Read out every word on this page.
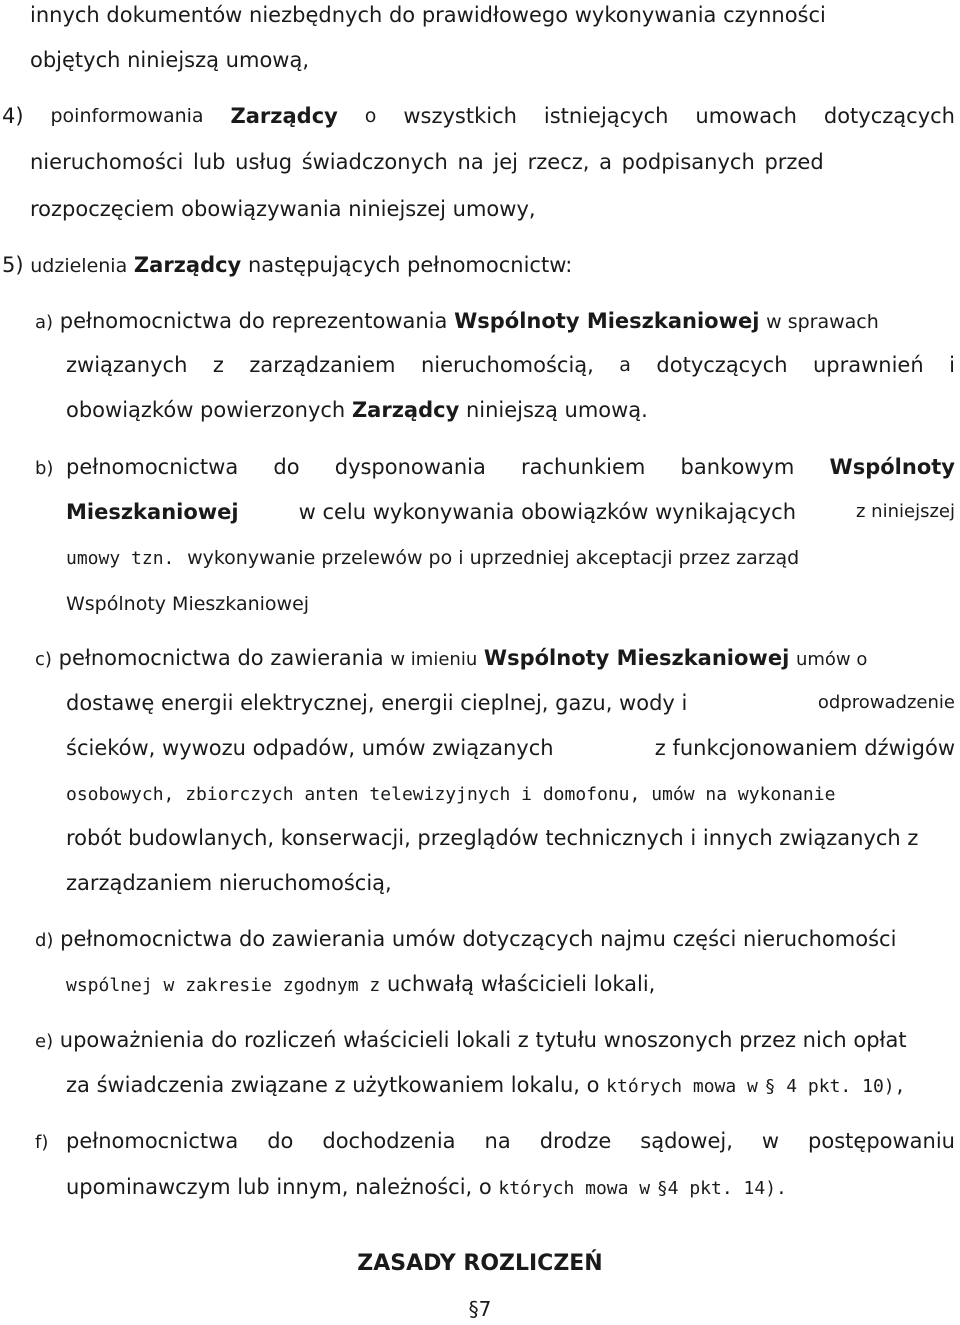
innych dokumentów niezbędnych do prawidłowego wykonywania czynności
objętych niniejszą umową,
4) poinformowania Zarządcy o wszystkich istniejących umowach dotyczących
nieruchomości lub usług świadczonych na jej rzecz, a podpisanych przed
rozpoczęciem obowiązywania niniejszej umowy,
5) udzielenia Zarządcy następujących pełnomocnictw:
a) pełnomocnictwa do reprezentowania Wspólnoty Mieszkaniowej w sprawach
związanych z zarządzaniem nieruchomością, a dotyczących uprawnień i
obowiązków powierzonych Zarządcy niniejszą umową.
b) pełnomocnictwa do dysponowania rachunkiem bankowym Wspólnoty
Mieszkaniowej	w celu wykonywania obowiązków wynikających	z niniejszej
umowy tzn. wykonywanie przelewów po i uprzedniej akceptacji przez zarząd
Wspólnoty Mieszkaniowej
c) pełnomocnictwa do zawierania w imieniu Wspólnoty Mieszkaniowej umów o
dostawę energii elektrycznej, energii cieplnej, gazu, wody i	odprowadzenie
ścieków, wywozu odpadów, umów związanych	z funkcjonowaniem dźwigów
osobowych, zbiorczych anten telewizyjnych i domofonu, umów na wykonanie
robót budowlanych, konserwacji, przeglądów technicznych i innych związanych z
zarządzaniem nieruchomością,
d) pełnomocnictwa do zawierania umów dotyczących najmu części nieruchomości
wspólnej w zakresie zgodnym z uchwałą właścicieli lokali,
e) upoważnienia do rozliczeń właścicieli lokali z tytułu wnoszonych przez nich opłat
za świadczenia związane z użytkowaniem lokalu, o których mowa w § 4 pkt. 10),
f) pełnomocnictwa do dochodzenia na drodze sądowej, w postępowaniu
upominawczym lub innym, należności, o których mowa w §4 pkt. 14).
ZASADY ROZLICZEŃ
§7
